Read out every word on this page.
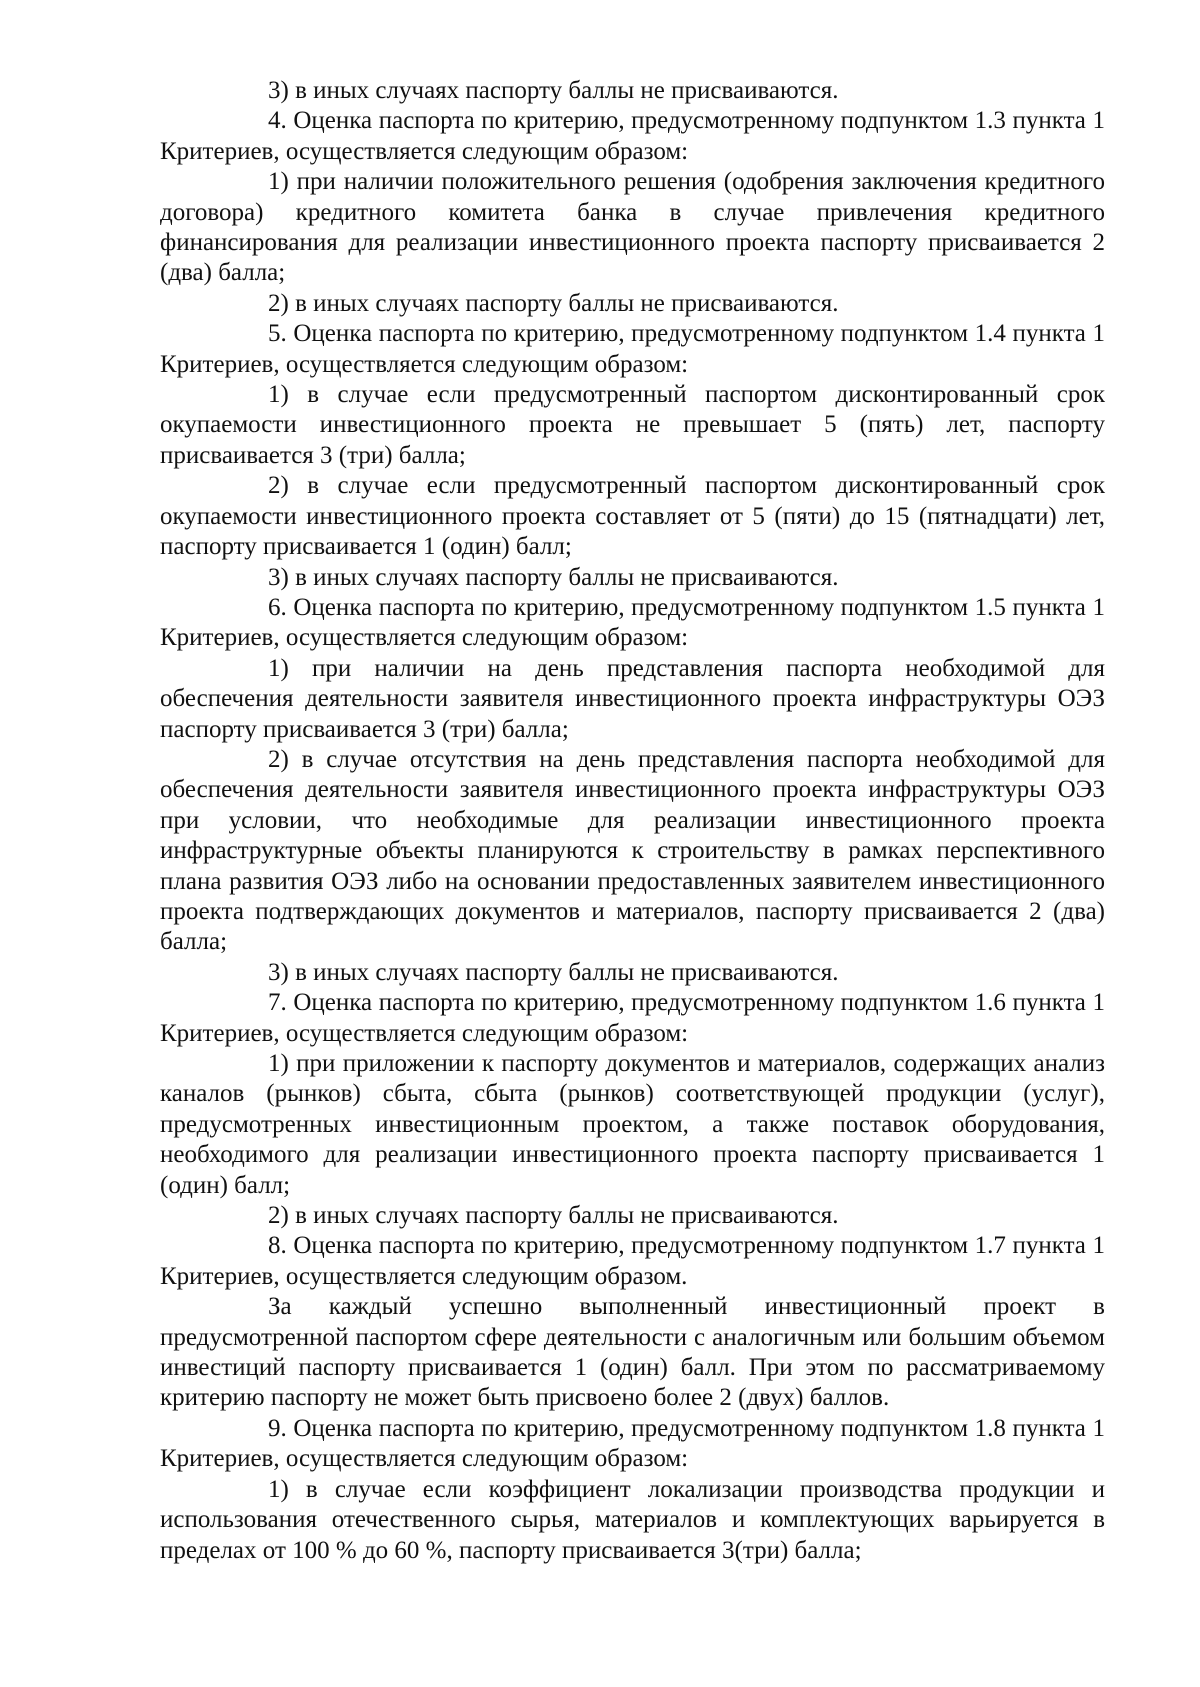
3) в иных случаях паспорту баллы не присваиваются.

4. Оценка паспорта по критерию, предусмотренному подпунктом 1.3 пункта 1 Критериев, осуществляется следующим образом:

1) при наличии положительного решения (одобрения заключения кредитного договора) кредитного комитета банка в случае привлечения кредитного финансирования для реализации инвестиционного проекта паспорту присваивается 2 (два) балла;

2) в иных случаях паспорту баллы не присваиваются.

5. Оценка паспорта по критерию, предусмотренному подпунктом 1.4 пункта 1 Критериев, осуществляется следующим образом:

1) в случае если предусмотренный паспортом дисконтированный срок окупаемости инвестиционного проекта не превышает 5 (пять) лет, паспорту присваивается 3 (три) балла;

2) в случае если предусмотренный паспортом дисконтированный срок окупаемости инвестиционного проекта составляет от 5 (пяти) до 15 (пятнадцати) лет, паспорту присваивается 1 (один) балл;

3) в иных случаях паспорту баллы не присваиваются.

6. Оценка паспорта по критерию, предусмотренному подпунктом 1.5 пункта 1 Критериев, осуществляется следующим образом:

1) при наличии на день представления паспорта необходимой для обеспечения деятельности заявителя инвестиционного проекта инфраструктуры ОЭЗ паспорту присваивается 3 (три) балла;

2) в случае отсутствия на день представления паспорта необходимой для обеспечения деятельности заявителя инвестиционного проекта инфраструктуры ОЭЗ при условии, что необходимые для реализации инвестиционного проекта инфраструктурные объекты планируются к строительству в рамках перспективного плана развития ОЭЗ либо на основании предоставленных заявителем инвестиционного проекта подтверждающих документов и материалов, паспорту присваивается 2 (два) балла;

3) в иных случаях паспорту баллы не присваиваются.

7. Оценка паспорта по критерию, предусмотренному подпунктом 1.6 пункта 1 Критериев, осуществляется следующим образом:

1) при приложении к паспорту документов и материалов, содержащих анализ каналов (рынков) сбыта, сбыта (рынков) соответствующей продукции (услуг), предусмотренных инвестиционным проектом, а также поставок оборудования, необходимого для реализации инвестиционного проекта паспорту присваивается 1 (один) балл;

2) в иных случаях паспорту баллы не присваиваются.

8. Оценка паспорта по критерию, предусмотренному подпунктом 1.7 пункта 1 Критериев, осуществляется следующим образом.

За каждый успешно выполненный инвестиционный проект в предусмотренной паспортом сфере деятельности с аналогичным или большим объемом инвестиций паспорту присваивается 1 (один) балл. При этом по рассматриваемому критерию паспорту не может быть присвоено более 2 (двух) баллов.

9. Оценка паспорта по критерию, предусмотренному подпунктом 1.8 пункта 1 Критериев, осуществляется следующим образом:

1) в случае если коэффициент локализации производства продукции и использования отечественного сырья, материалов и комплектующих варьируется в пределах от 100 % до 60 %, паспорту присваивается 3(три) балла;
